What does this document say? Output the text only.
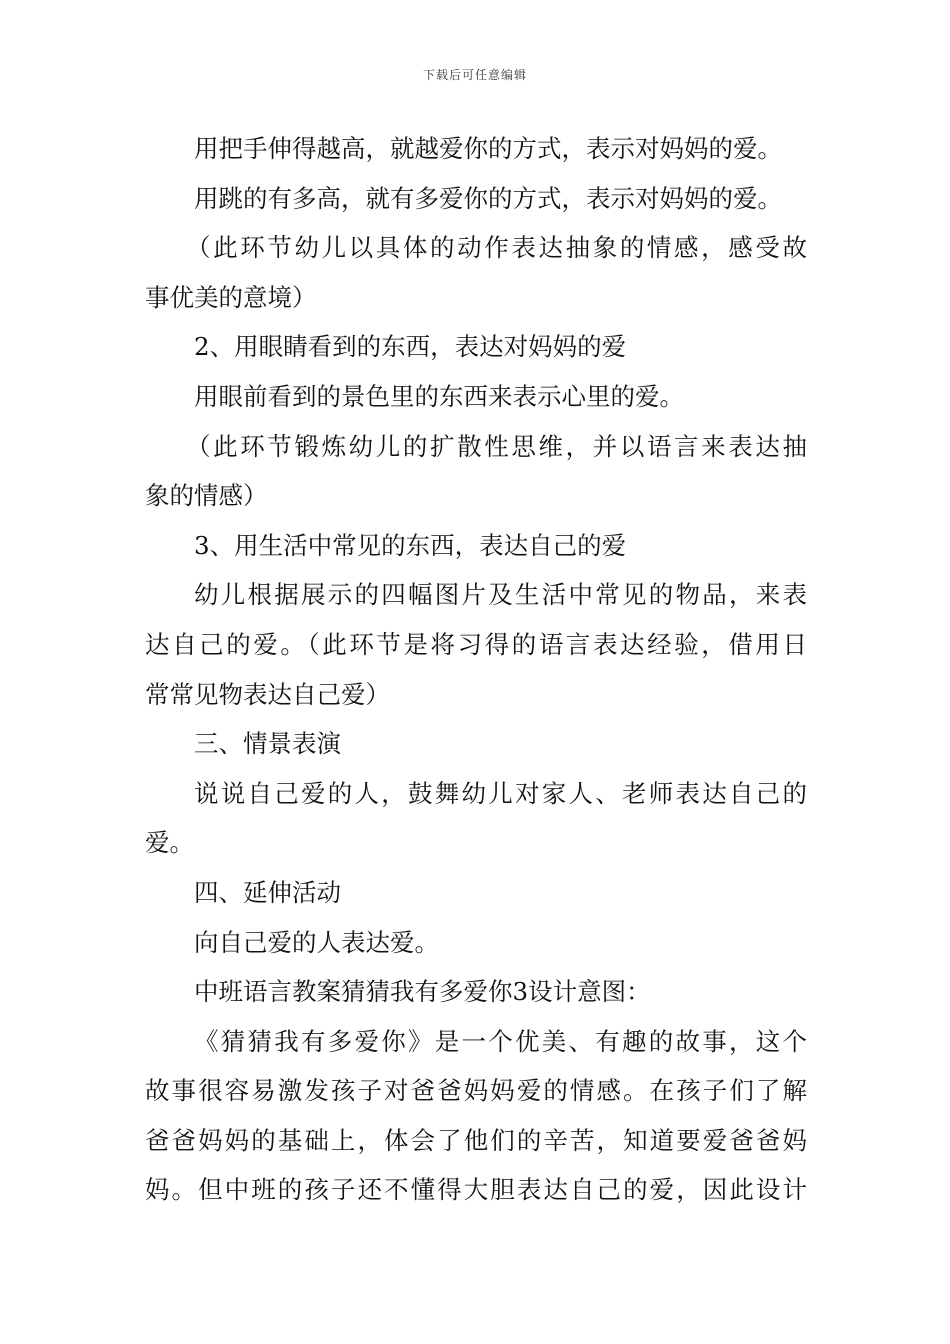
下载后可任意编辑
用把手伸得越高，就越爱你的方式，表示对妈妈的爱。
用跳的有多高，就有多爱你的方式，表示对妈妈的爱。
（此环节幼儿以具体的动作表达抽象的情感，感受故
事优美的意境）
2、用眼睛看到的东西，表达对妈妈的爱
用眼前看到的景色里的东西来表示心里的爱。
（此环节锻炼幼儿的扩散性思维，并以语言来表达抽
象的情感）
3、用生活中常见的东西，表达自己的爱
幼儿根据展示的四幅图片及生活中常见的物品，来表
达自己的爱。（此环节是将习得的语言表达经验，借用日
常常见物表达自己爱）
三、情景表演
说说自己爱的人，鼓舞幼儿对家人、老师表达自己的
爱。
四、延伸活动
向自己爱的人表达爱。
中班语言教案猜猜我有多爱你3设计意图：
《猜猜我有多爱你》是一个优美、有趣的故事，这个
故事很容易激发孩子对爸爸妈妈爱的情感。在孩子们了解
爸爸妈妈的基础上，体会了他们的辛苦，知道要爱爸爸妈
妈。但中班的孩子还不懂得大胆表达自己的爱，因此设计
